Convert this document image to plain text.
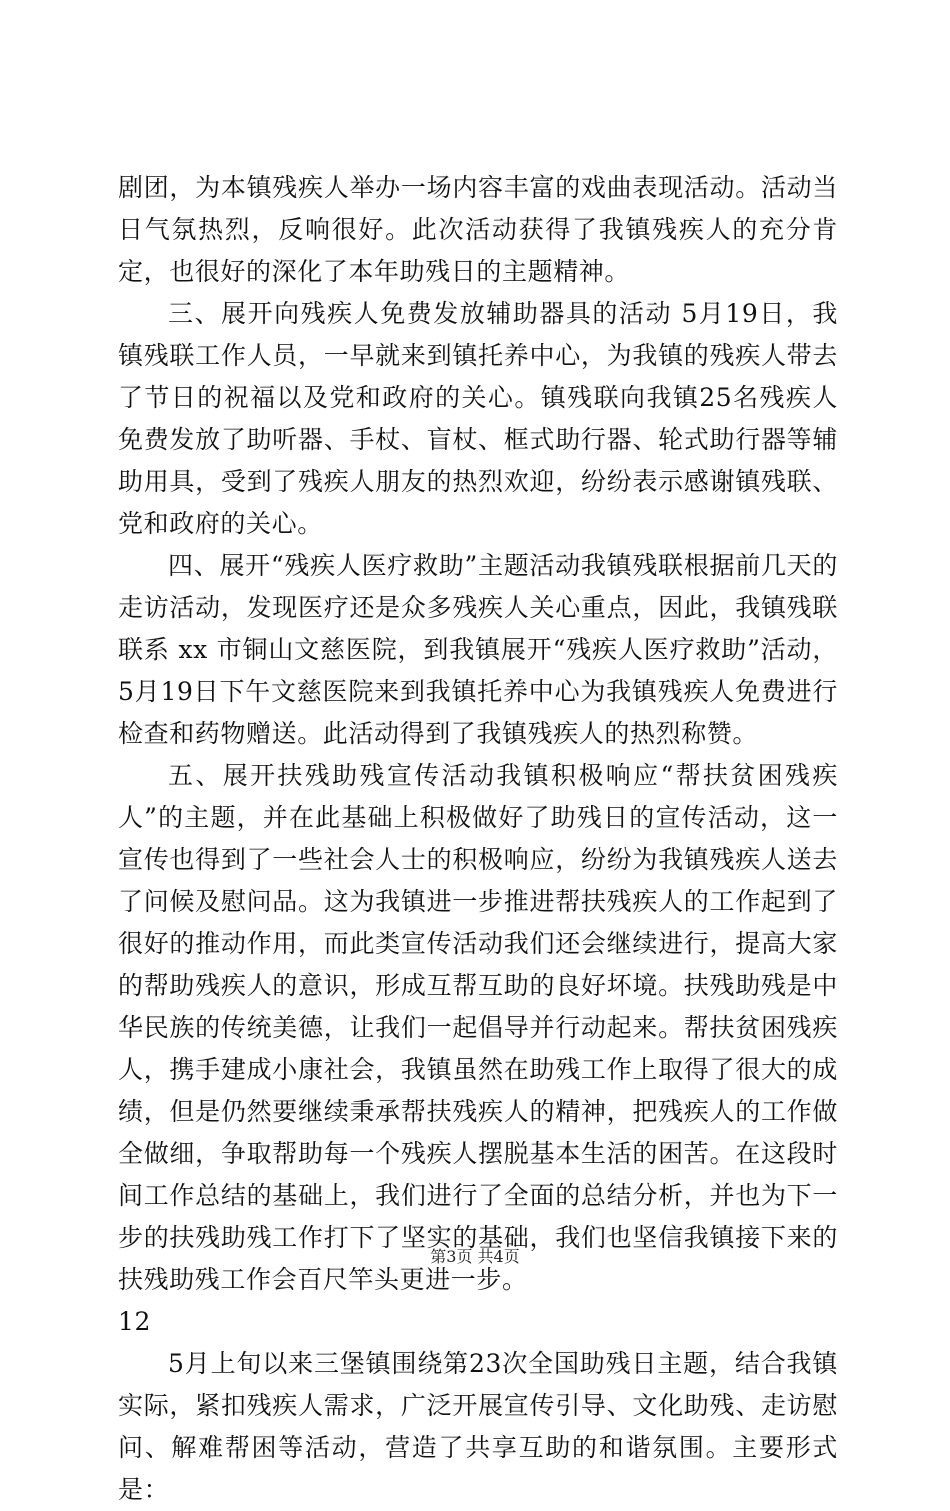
剧团，为本镇残疾人举办一场内容丰富的戏曲表现活动。活动当日气氛热烈，反响很好。此次活动获得了我镇残疾人的充分肯定，也很好的深化了本年助残日的主题精神。

三、展开向残疾人免费发放辅助器具的活动 5月19日，我镇残联工作人员，一早就来到镇托养中心，为我镇的残疾人带去了节日的祝福以及党和政府的关心。镇残联向我镇25名残疾人免费发放了助听器、手杖、盲杖、框式助行器、轮式助行器等辅助用具，受到了残疾人朋友的热烈欢迎，纷纷表示感谢镇残联、党和政府的关心。

四、展开“残疾人医疗救助”主题活动我镇残联根据前几天的走访活动，发现医疗还是众多残疾人关心重点，因此，我镇残联联系 xx 市铜山文慈医院，到我镇展开“残疾人医疗救助”活动，5月19日下午文慈医院来到我镇托养中心为我镇残疾人免费进行检查和药物赠送。此活动得到了我镇残疾人的热烈称赞。

五、展开扶残助残宣传活动我镇积极响应“帮扶贫困残疾人”的主题，并在此基础上积极做好了助残日的宣传活动，这一宣传也得到了一些社会人士的积极响应，纷纷为我镇残疾人送去了问候及慰问品。这为我镇进一步推进帮扶残疾人的工作起到了很好的推动作用，而此类宣传活动我们还会继续进行，提高大家的帮助残疾人的意识，形成互帮互助的良好坏境。扶残助残是中华民族的传统美德，让我们一起倡导并行动起来。帮扶贫困残疾人，携手建成小康社会，我镇虽然在助残工作上取得了很大的成绩，但是仍然要继续秉承帮扶残疾人的精神，把残疾人的工作做全做细，争取帮助每一个残疾人摆脱基本生活的困苦。在这段时间工作总结的基础上，我们进行了全面的总结分析，并也为下一步的扶残助残工作打下了坚实的基础，我们也坚信我镇接下来的扶残助残工作会百尺竿头更进一步。

12

5月上旬以来三堡镇围绕第23次全国助残日主题，结合我镇实际，紧扣残疾人需求，广泛开展宣传引导、文化助残、走访慰问、解难帮困等活动，营造了共享互助的和谐氛围。主要形式是：

第3页 共4页
